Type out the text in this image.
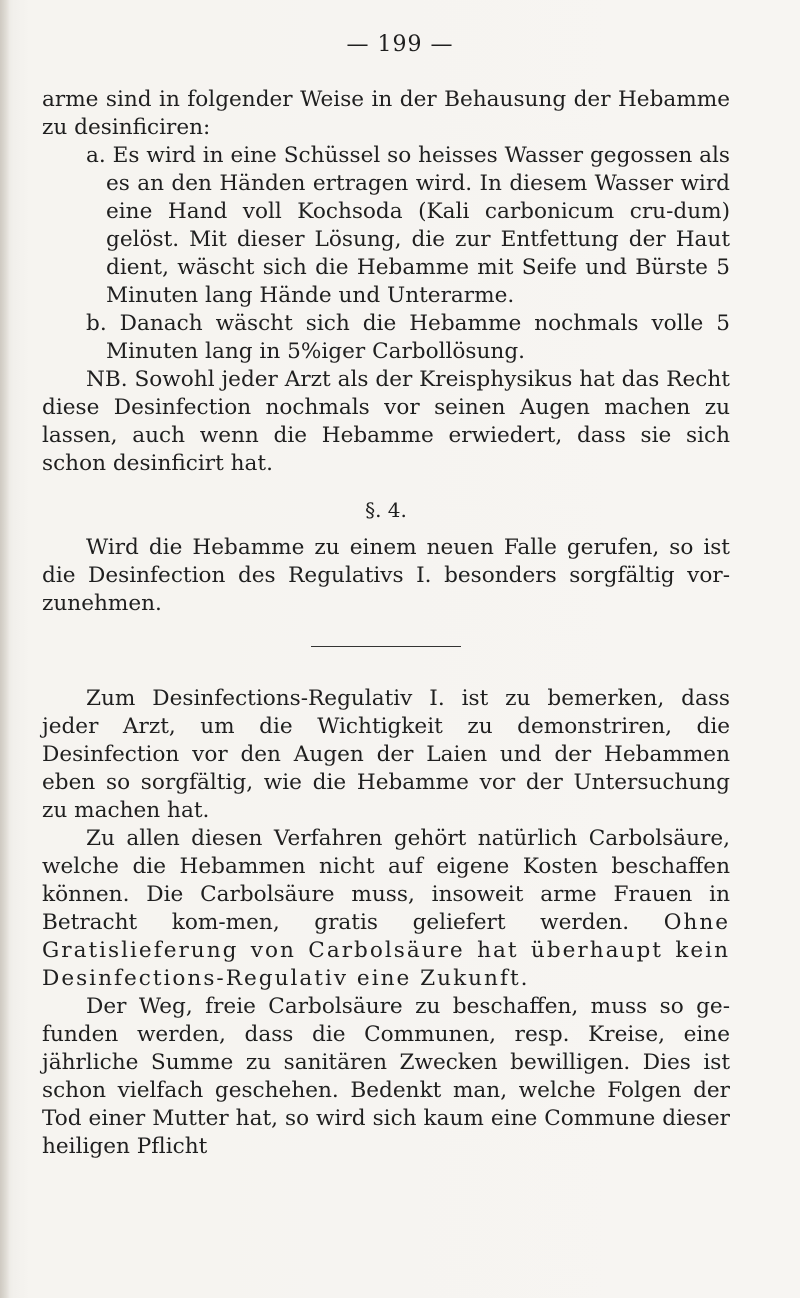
— 199 —

arme sind in folgender Weise in der Behausung der Hebamme zu desinficiren:

a. Es wird in eine Schüssel so heisses Wasser gegossen als es an den Händen ertragen wird. In diesem Wasser wird eine Hand voll Kochsoda (Kali carbonicum cru-dum) gelöst. Mit dieser Lösung, die zur Entfettung der Haut dient, wäscht sich die Hebamme mit Seife und Bürste 5 Minuten lang Hände und Unterarme.

b. Danach wäscht sich die Hebamme nochmals volle 5 Minuten lang in 5%iger Carbollösung.

NB. Sowohl jeder Arzt als der Kreisphysikus hat das Recht diese Desinfection nochmals vor seinen Augen machen zu lassen, auch wenn die Hebamme erwiedert, dass sie sich schon desinficirt hat.

§. 4.

Wird die Hebamme zu einem neuen Falle gerufen, so ist die Desinfection des Regulativs I. besonders sorgfältig vor-zunehmen.

Zum Desinfections-Regulativ I. ist zu bemerken, dass jeder Arzt, um die Wichtigkeit zu demonstriren, die Desinfection vor den Augen der Laien und der Hebammen eben so sorgfältig, wie die Hebamme vor der Untersuchung zu machen hat.

Zu allen diesen Verfahren gehört natürlich Carbolsäure, welche die Hebammen nicht auf eigene Kosten beschaffen können. Die Carbolsäure muss, insoweit arme Frauen in Betracht kom-men, gratis geliefert werden. Ohne Gratislieferung von Carbolsäure hat überhaupt kein Desinfections-Regulativ eine Zukunft.

Der Weg, freie Carbolsäure zu beschaffen, muss so ge-funden werden, dass die Communen, resp. Kreise, eine jährliche Summe zu sanitären Zwecken bewilligen. Dies ist schon vielfach geschehen. Bedenkt man, welche Folgen der Tod einer Mutter hat, so wird sich kaum eine Commune dieser heiligen Pflicht
